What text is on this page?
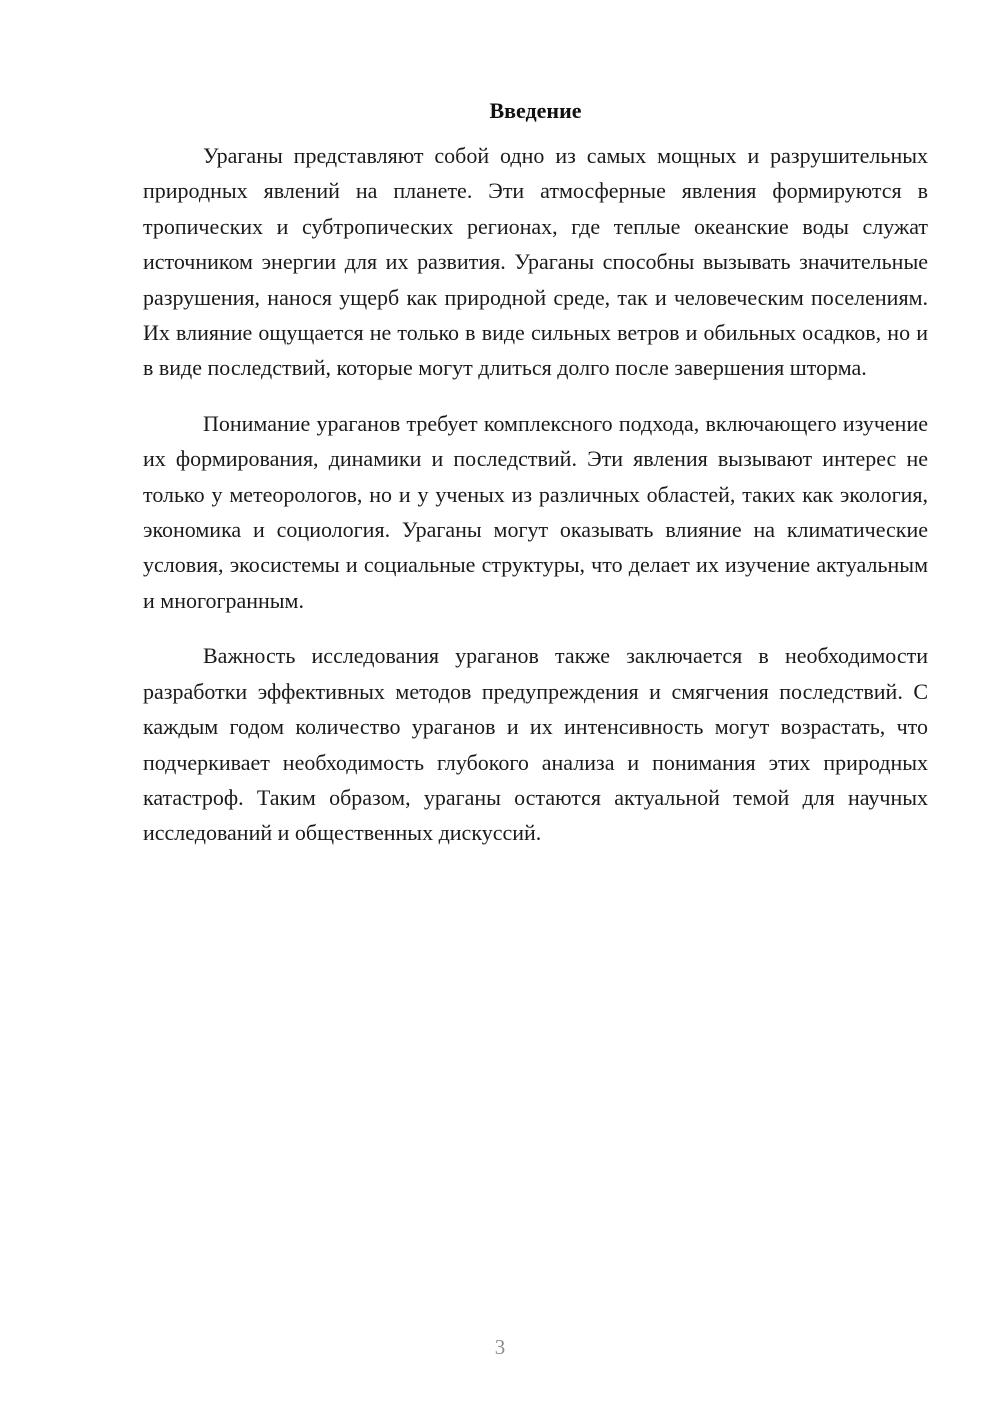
Введение

Ураганы представляют собой одно из самых мощных и разрушительных природных явлений на планете. Эти атмосферные явления формируются в тропических и субтропических регионах, где теплые океанские воды служат источником энергии для их развития. Ураганы способны вызывать значительные разрушения, нанося ущерб как природной среде, так и человеческим поселениям. Их влияние ощущается не только в виде сильных ветров и обильных осадков, но и в виде последствий, которые могут длиться долго после завершения шторма.

Понимание ураганов требует комплексного подхода, включающего изучение их формирования, динамики и последствий. Эти явления вызывают интерес не только у метеорологов, но и у ученых из различных областей, таких как экология, экономика и социология. Ураганы могут оказывать влияние на климатические условия, экосистемы и социальные структуры, что делает их изучение актуальным и многогранным.

Важность исследования ураганов также заключается в необходимости разработки эффективных методов предупреждения и смягчения последствий. С каждым годом количество ураганов и их интенсивность могут возрастать, что подчеркивает необходимость глубокого анализа и понимания этих природных катастроф. Таким образом, ураганы остаются актуальной темой для научных исследований и общественных дискуссий.

3
